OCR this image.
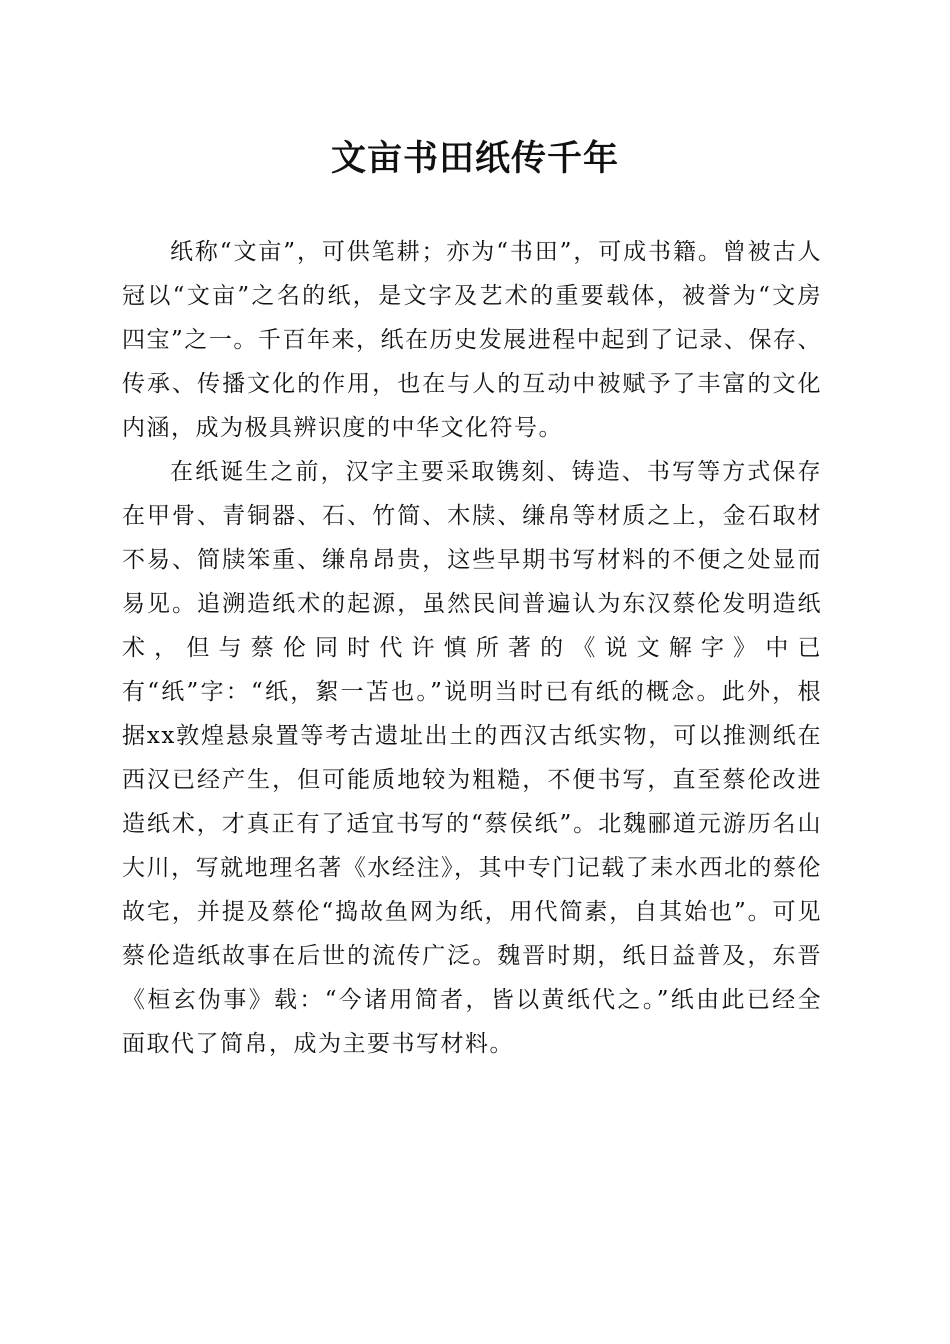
文亩书田纸传千年

纸称“文亩”，可供笔耕；亦为“书田”，可成书籍。曾被古人冠以“文亩”之名的纸，是文字及艺术的重要载体，被誉为“文房四宝”之一。千百年来，纸在历史发展进程中起到了记录、保存、传承、传播文化的作用，也在与人的互动中被赋予了丰富的文化内涵，成为极具辨识度的中华文化符号。

在纸诞生之前，汉字主要采取镌刻、铸造、书写等方式保存在甲骨、青铜器、石、竹简、木牍、缣帛等材质之上，金石取材不易、简牍笨重、缣帛昂贵，这些早期书写材料的不便之处显而易见。追溯造纸术的起源，虽然民间普遍认为东汉蔡伦发明造纸术，但与蔡伦同时代许慎所著的《说文解字》中已有“纸”字：“纸，絮一苫也。”说明当时已有纸的概念。此外，根据xx敦煌悬泉置等考古遗址出土的西汉古纸实物，可以推测纸在西汉已经产生，但可能质地较为粗糙，不便书写，直至蔡伦改进造纸术，才真正有了适宜书写的“蔡侯纸”。北魏郦道元游历名山大川，写就地理名著《水经注》，其中专门记载了耒水西北的蔡伦故宅，并提及蔡伦“捣故鱼网为纸，用代简素，自其始也”。可见蔡伦造纸故事在后世的流传广泛。魏晋时期，纸日益普及，东晋《桓玄伪事》载：“今诸用简者，皆以黄纸代之。”纸由此已经全面取代了简帛，成为主要书写材料。
